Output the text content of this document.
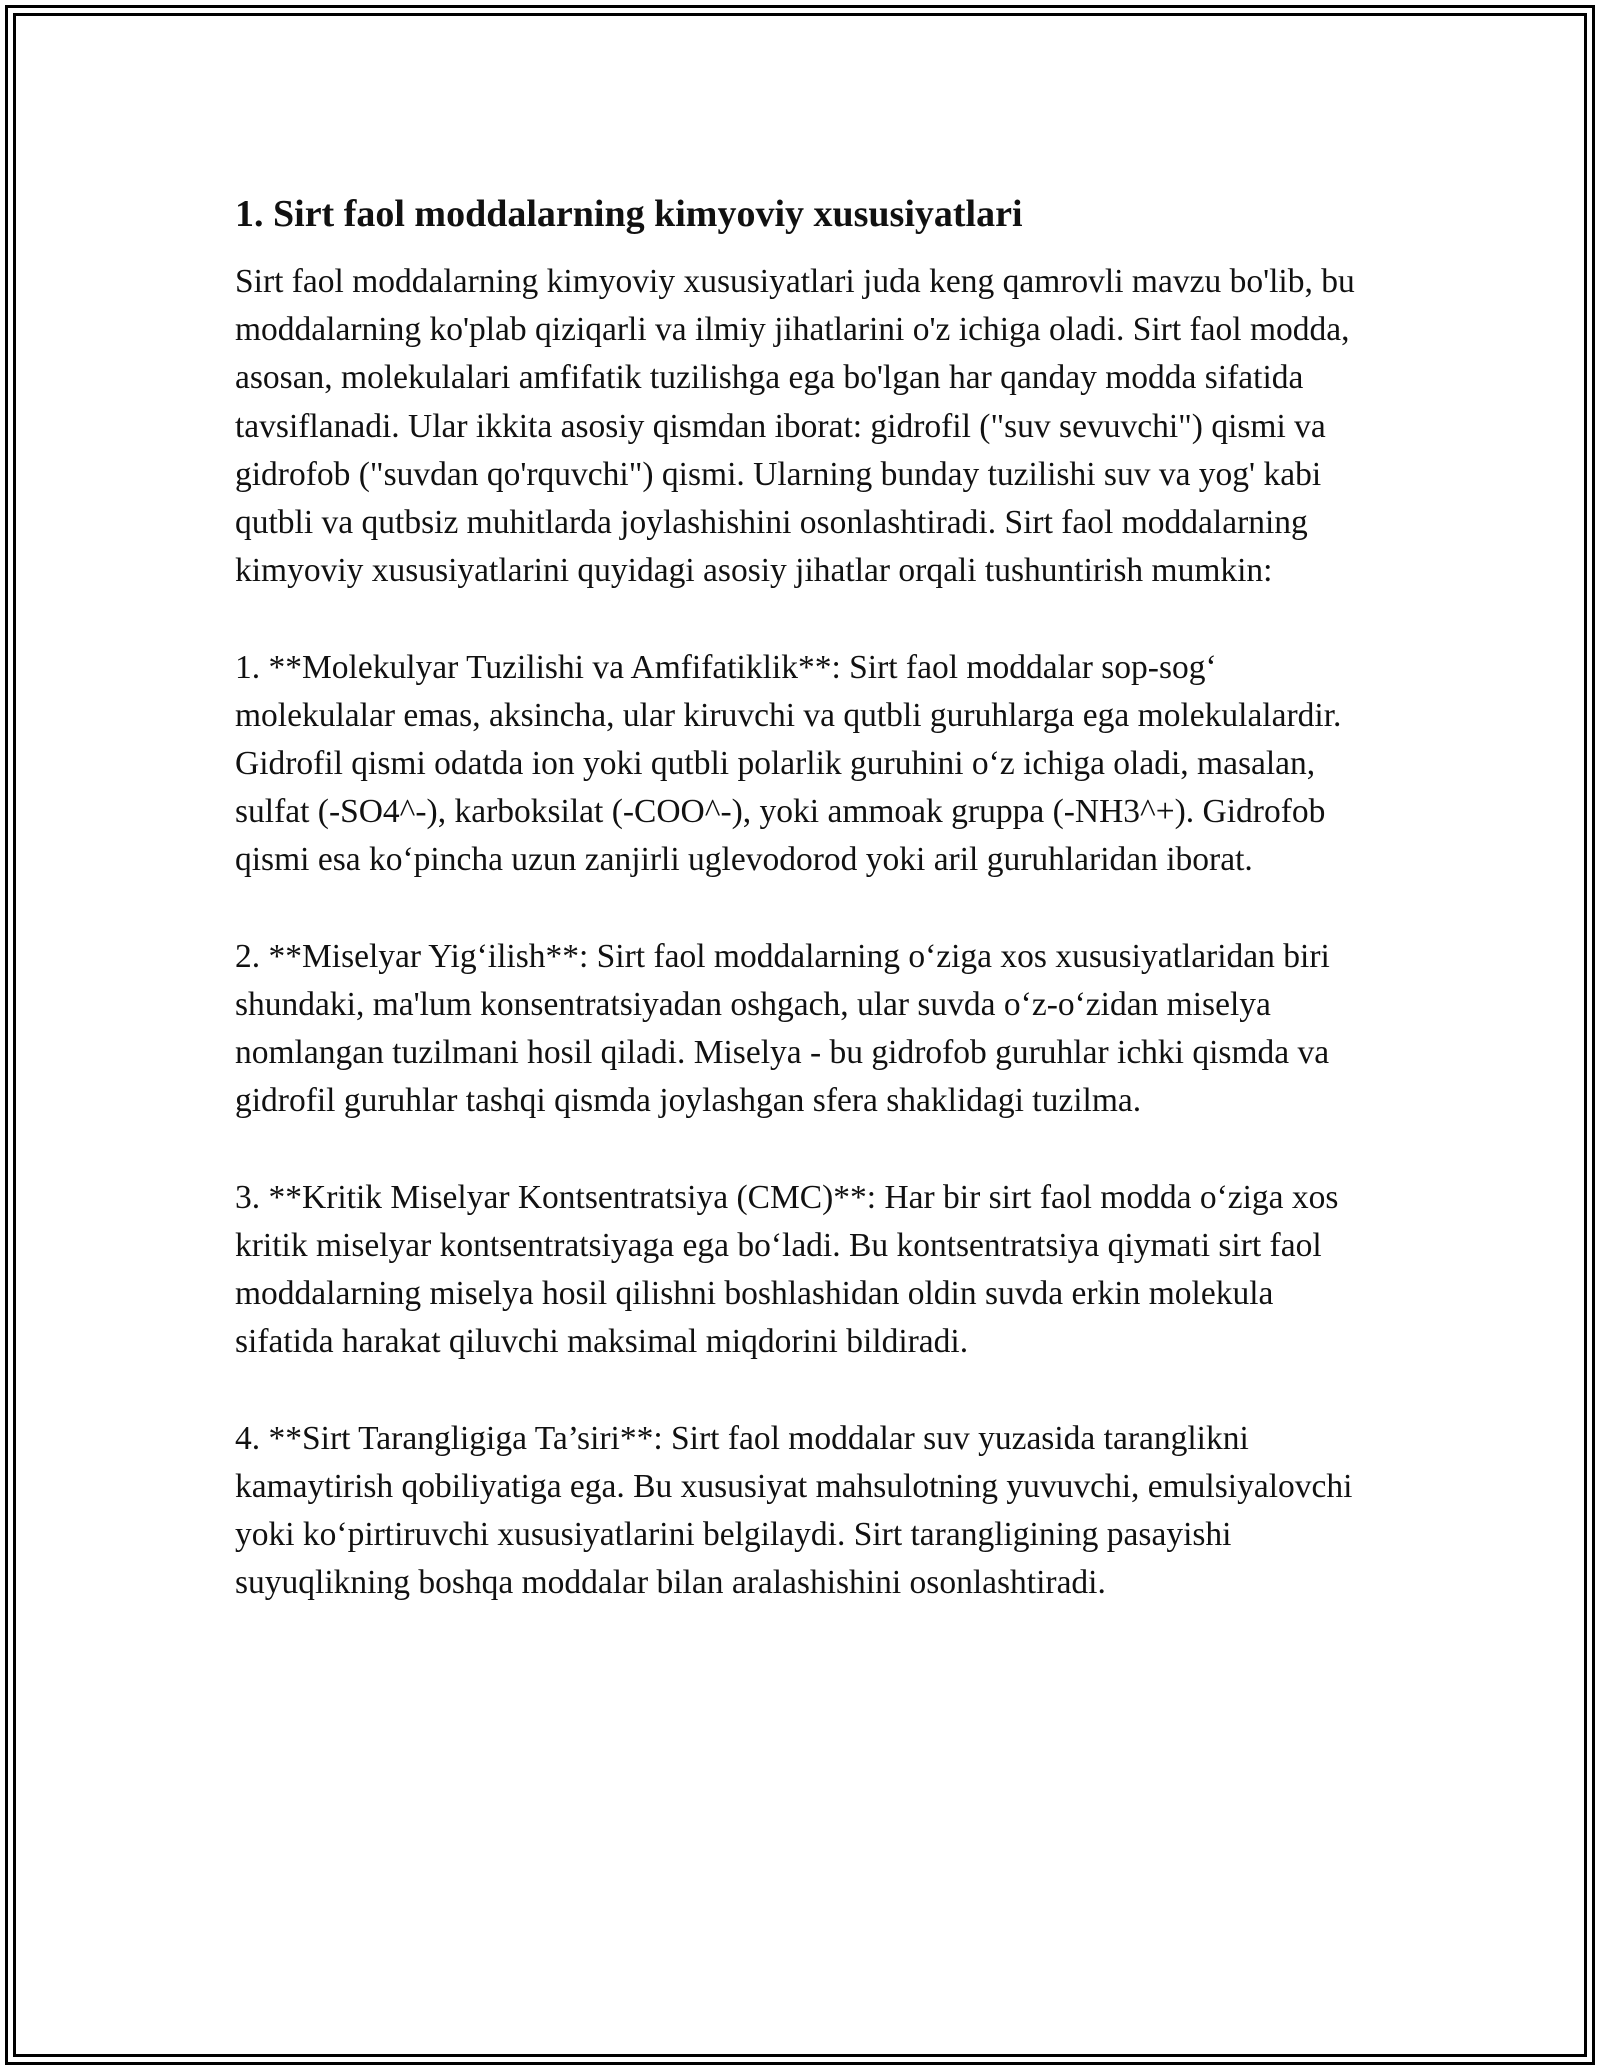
1. Sirt faol moddalarning kimyoviy xususiyatlari

Sirt faol moddalarning kimyoviy xususiyatlari juda keng qamrovli mavzu bo'lib, bu moddalarning ko'plab qiziqarli va ilmiy jihatlarini o'z ichiga oladi. Sirt faol modda, asosan, molekulalari amfifatik tuzilishga ega bo'lgan har qanday modda sifatida tavsiflanadi. Ular ikkita asosiy qismdan iborat: gidrofil ("suv sevuvchi") qismi va gidrofob ("suvdan qo'rquvchi") qismi. Ularning bunday tuzilishi suv va yog' kabi qutbli va qutbsiz muhitlarda joylashishini osonlashtiradi. Sirt faol moddalarning kimyoviy xususiyatlarini quyidagi asosiy jihatlar orqali tushuntirish mumkin:

1. **Molekulyar Tuzilishi va Amfifatiklik**: Sirt faol moddalar sop-sog‘ molekulalar emas, aksincha, ular kiruvchi va qutbli guruhlarga ega molekulalardir. Gidrofil qismi odatda ion yoki qutbli polarlik guruhini o‘z ichiga oladi, masalan, sulfat (-SO4^-), karboksilat (-COO^-), yoki ammoak gruppa (-NH3^+). Gidrofob qismi esa ko‘pincha uzun zanjirli uglevodorod yoki aril guruhlaridan iborat.

2. **Miselyar Yig‘ilish**: Sirt faol moddalarning o‘ziga xos xususiyatlaridan biri shundaki, ma'lum konsentratsiyadan oshgach, ular suvda o‘z-o‘zidan miselya nomlangan tuzilmani hosil qiladi. Miselya - bu gidrofob guruhlar ichki qismda va gidrofil guruhlar tashqi qismda joylashgan sfera shaklidagi tuzilma.

3. **Kritik Miselyar Kontsentratsiya (CMC)**: Har bir sirt faol modda o‘ziga xos kritik miselyar kontsentratsiyaga ega bo‘ladi. Bu kontsentratsiya qiymati sirt faol moddalarning miselya hosil qilishni boshlashidan oldin suvda erkin molekula sifatida harakat qiluvchi maksimal miqdorini bildiradi.

4. **Sirt Tarangligiga Ta’siri**: Sirt faol moddalar suv yuzasida taranglikni kamaytirish qobiliyatiga ega. Bu xususiyat mahsulotning yuvuvchi, emulsiyalovchi yoki ko‘pirtiruvchi xususiyatlarini belgilaydi. Sirt tarangligining pasayishi suyuqlikning boshqa moddalar bilan aralashishini osonlashtiradi.
